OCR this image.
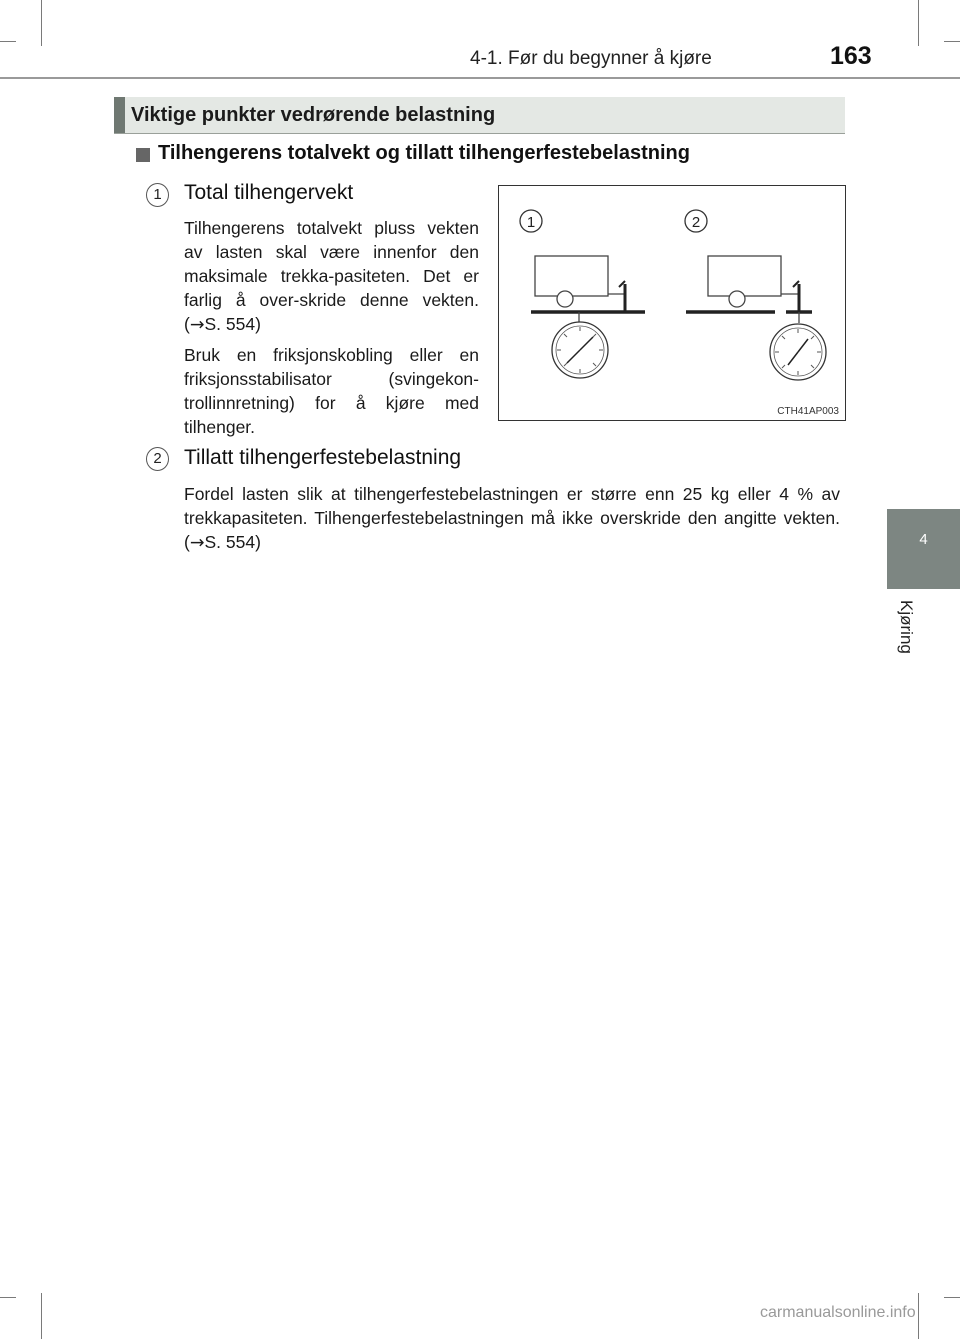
4-1. Før du begynner å kjøre	163
4
Kjøring
Viktige punkter vedrørende belastning
Tilhengerens totalvekt og tillatt tilhengerfestebelastning
1	Total tilhengervekt

Tilhengerens totalvekt pluss vekten av lasten skal være innenfor den maksimale trekka-pasiteten. Det er farlig å over-skride denne vekten. (→S. 554)

Bruk en friksjonskobling eller en friksjonsstabilisator (svingekon-trollinnretning) for å kjøre med tilhenger.

1	2
CTH41AP003
2	Tillatt tilhengerfestebelastning

Fordel lasten slik at tilhengerfestebelastningen er større enn 25 kg eller 4 % av trekkapasiteten. Tilhengerfestebelastningen må ikke overskride den angitte vekten. (→S. 554)

carmanualsonline.info
